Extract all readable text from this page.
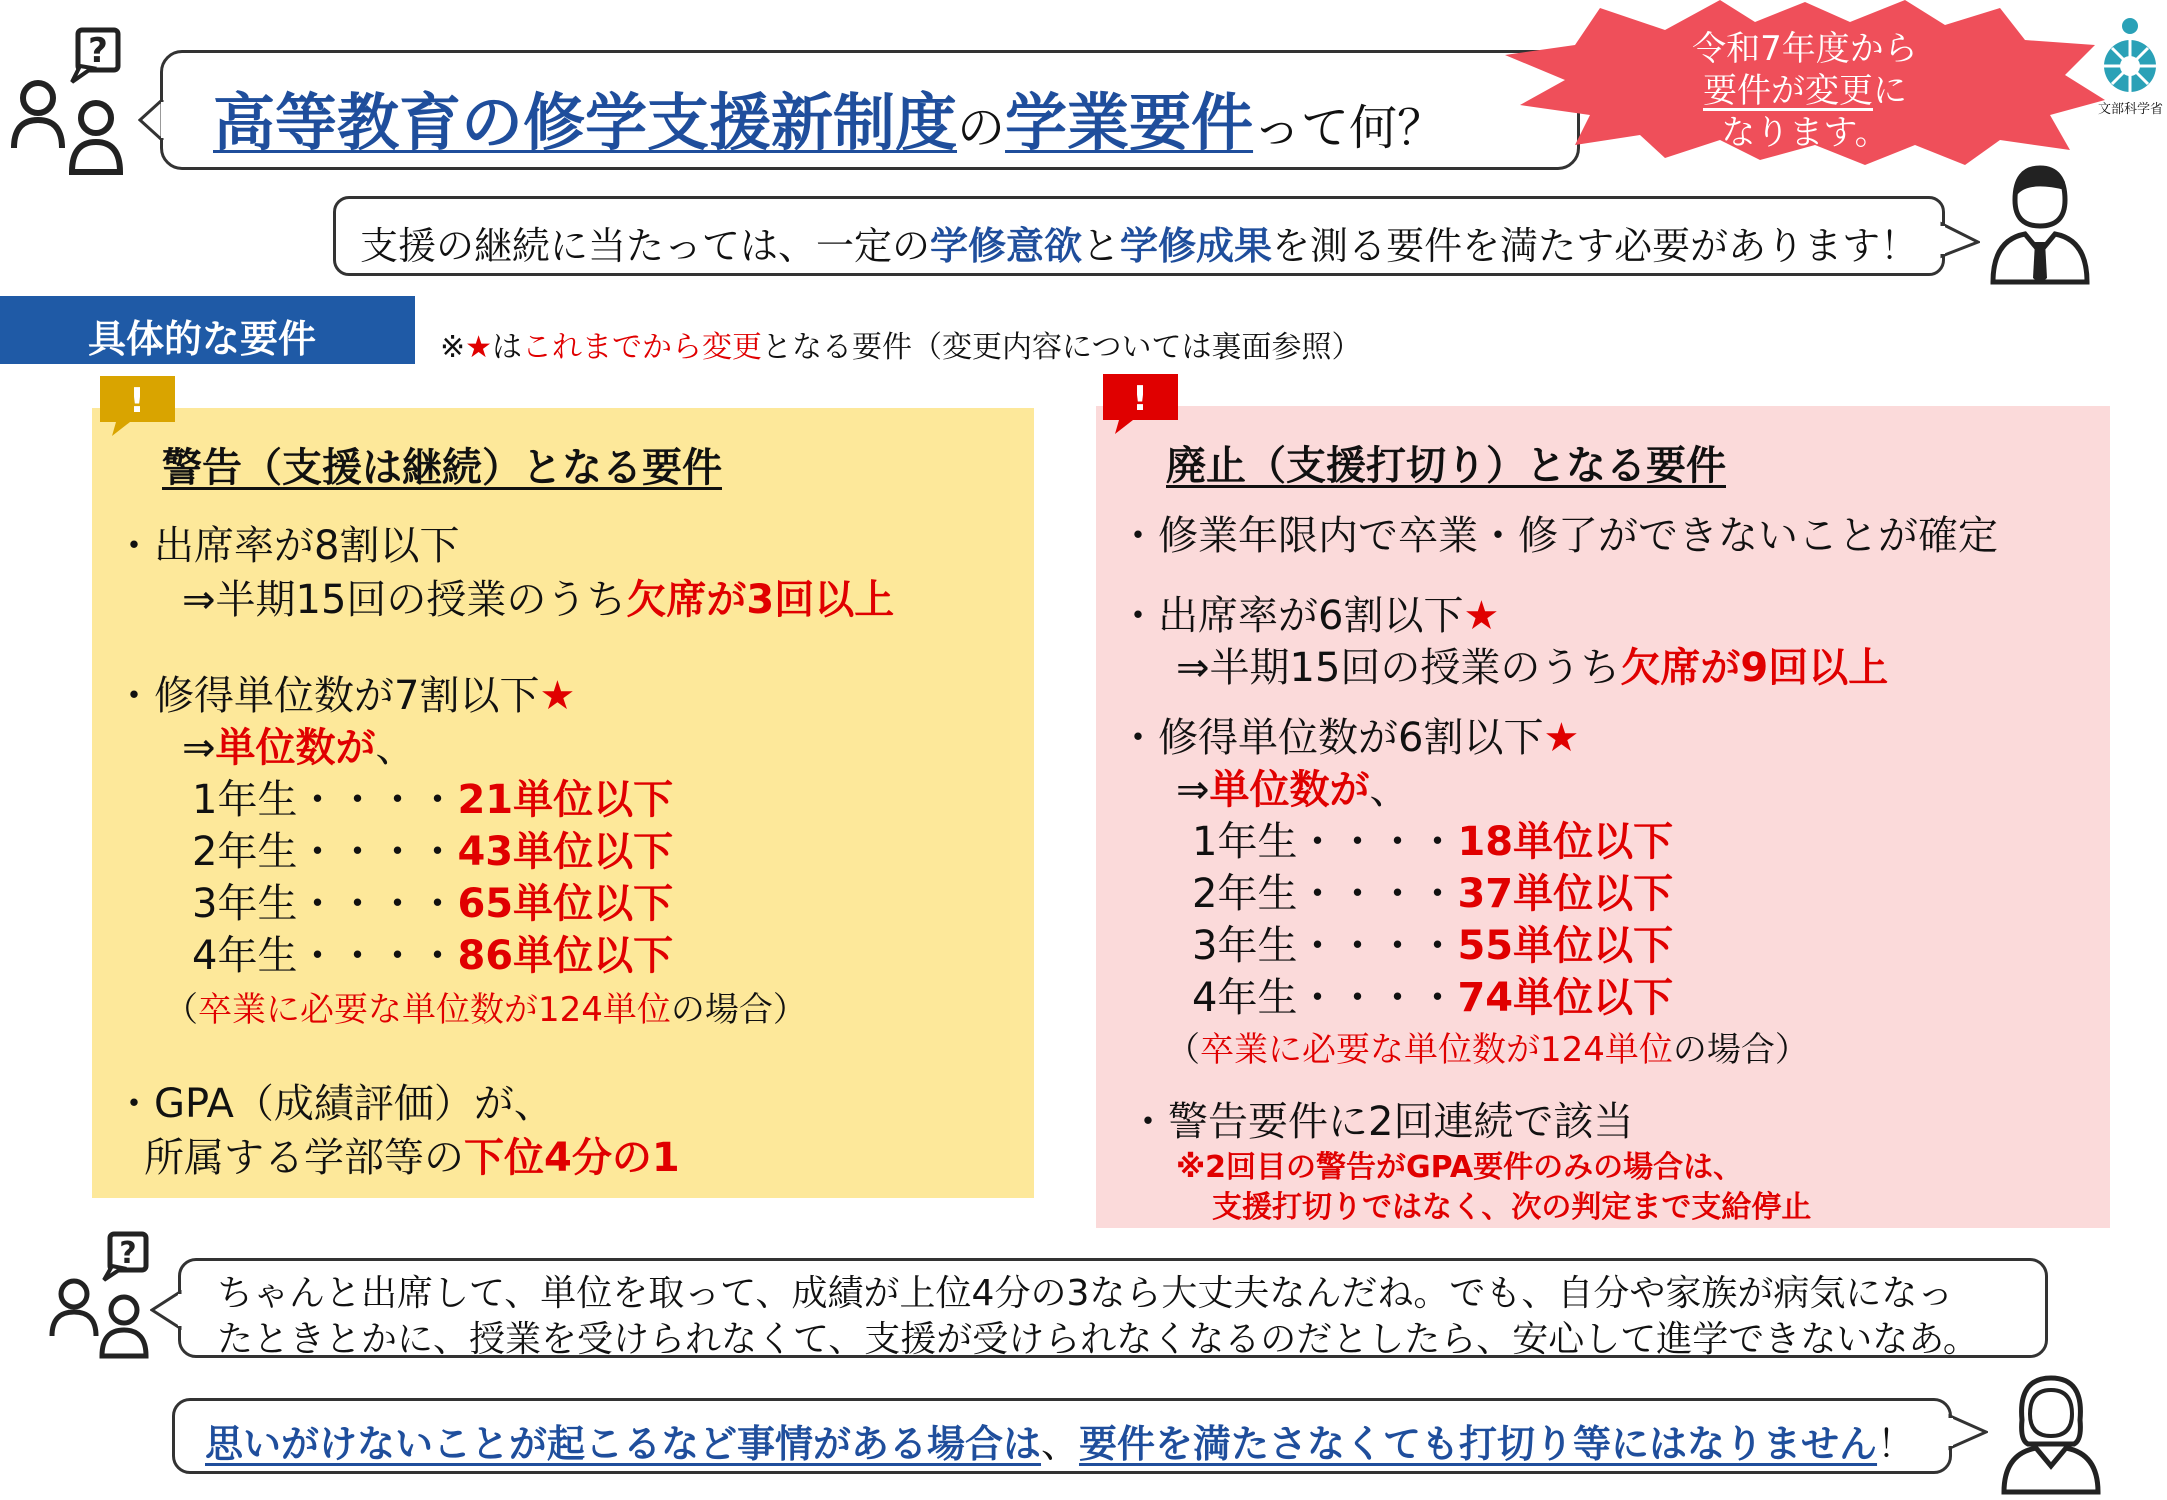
?
高等教育の修学支援新制度の学業要件って何？
令和7年度から
要件が変更に
なります。
文部科学省
支援の継続に当たっては、一定の学修意欲と学修成果を測る要件を満たす必要があります！
具体的な要件	※★はこれまでから変更となる要件（変更内容については裏面参照）
警告（支援は継続）となる要件
・出席率が8割以下
⇒半期15回の授業のうち欠席が3回以上
・修得単位数が7割以下★
⇒単位数が、
1年生・・・・21単位以下
2年生・・・・43単位以下
3年生・・・・65単位以下
4年生・・・・86単位以下
（卒業に必要な単位数が124単位の場合）
・GPA（成績評価）が、
所属する学部等の下位4分の1
!
廃止（支援打切り）となる要件
・修業年限内で卒業・修了ができないことが確定
・出席率が6割以下★
⇒半期15回の授業のうち欠席が9回以上
・修得単位数が6割以下★
⇒単位数が、
1年生・・・・18単位以下
2年生・・・・37単位以下
3年生・・・・55単位以下
4年生・・・・74単位以下
（卒業に必要な単位数が124単位の場合）
・警告要件に2回連続で該当
※2回目の警告がGPA要件のみの場合は、
支援打切りではなく、次の判定まで支給停止
!
?
ちゃんと出席して、単位を取って、成績が上位4分の3なら大丈夫なんだね。でも、自分や家族が病気になっ
たときとかに、授業を受けられなくて、支援が受けられなくなるのだとしたら、安心して進学できないなあ。
思いがけないことが起こるなど事情がある場合は、要件を満たさなくても打切り等にはなりません！
